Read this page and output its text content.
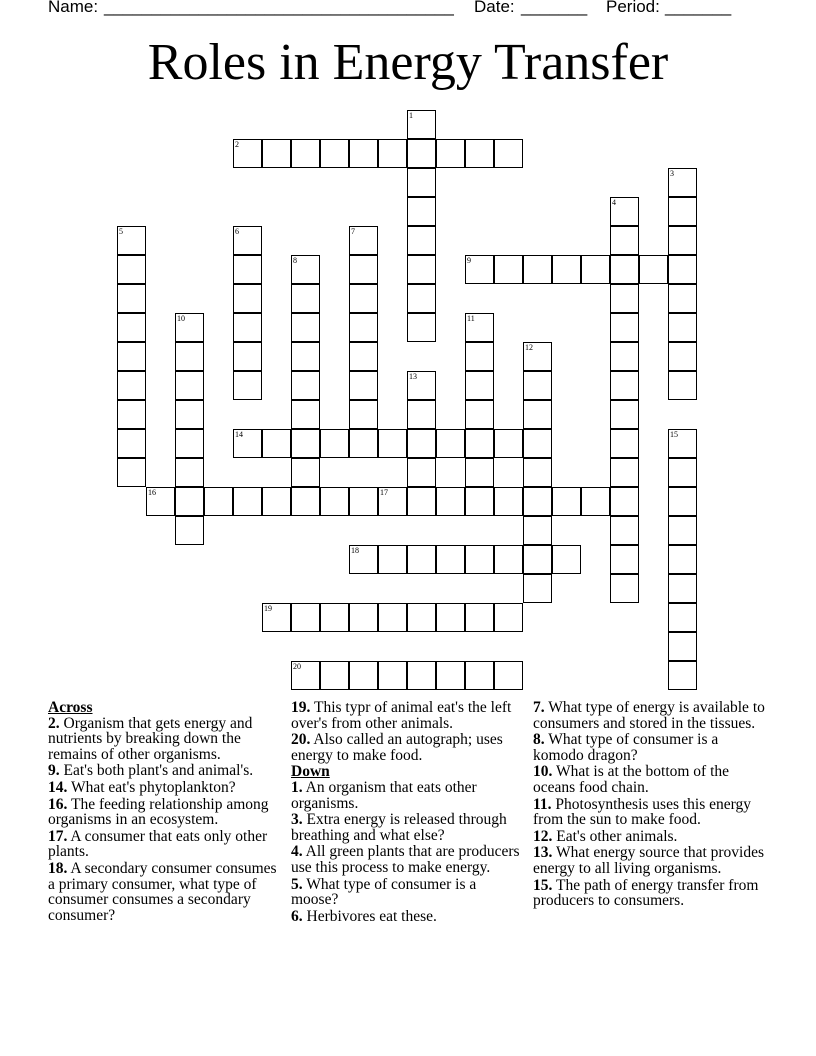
Name: _____________________________________ Date: _______ Period: _______
Roles in Energy Transfer
1
2
3
4
5	6	7
8	9
10	11
12
13
14	15
16	17
18
19
20
Across
2. Organism that gets energy and nutrients by breaking down the remains of other organisms.
9. Eat's both plant's and animal's.
14. What eat's phytoplankton?
16. The feeding relationship among organisms in an ecosystem.
17. A consumer that eats only other plants.
18. A secondary consumer consumes a primary consumer, what type of consumer consumes a secondary consumer?
19. This typr of animal eat's the left over's from other animals.
20. Also called an autograph; uses energy to make food.
Down
1. An organism that eats other organisms.
3. Extra energy is released through breathing and what else?
4. All green plants that are producers use this process to make energy.
5. What type of consumer is a moose?
6. Herbivores eat these.
7. What type of energy is available to consumers and stored in the tissues.
8. What type of consumer is a komodo dragon?
10. What is at the bottom of the oceans food chain.
11. Photosynthesis uses this energy from the sun to make food.
12. Eat's other animals.
13. What energy source that provides energy to all living organisms.
15. The path of energy transfer from producers to consumers.
